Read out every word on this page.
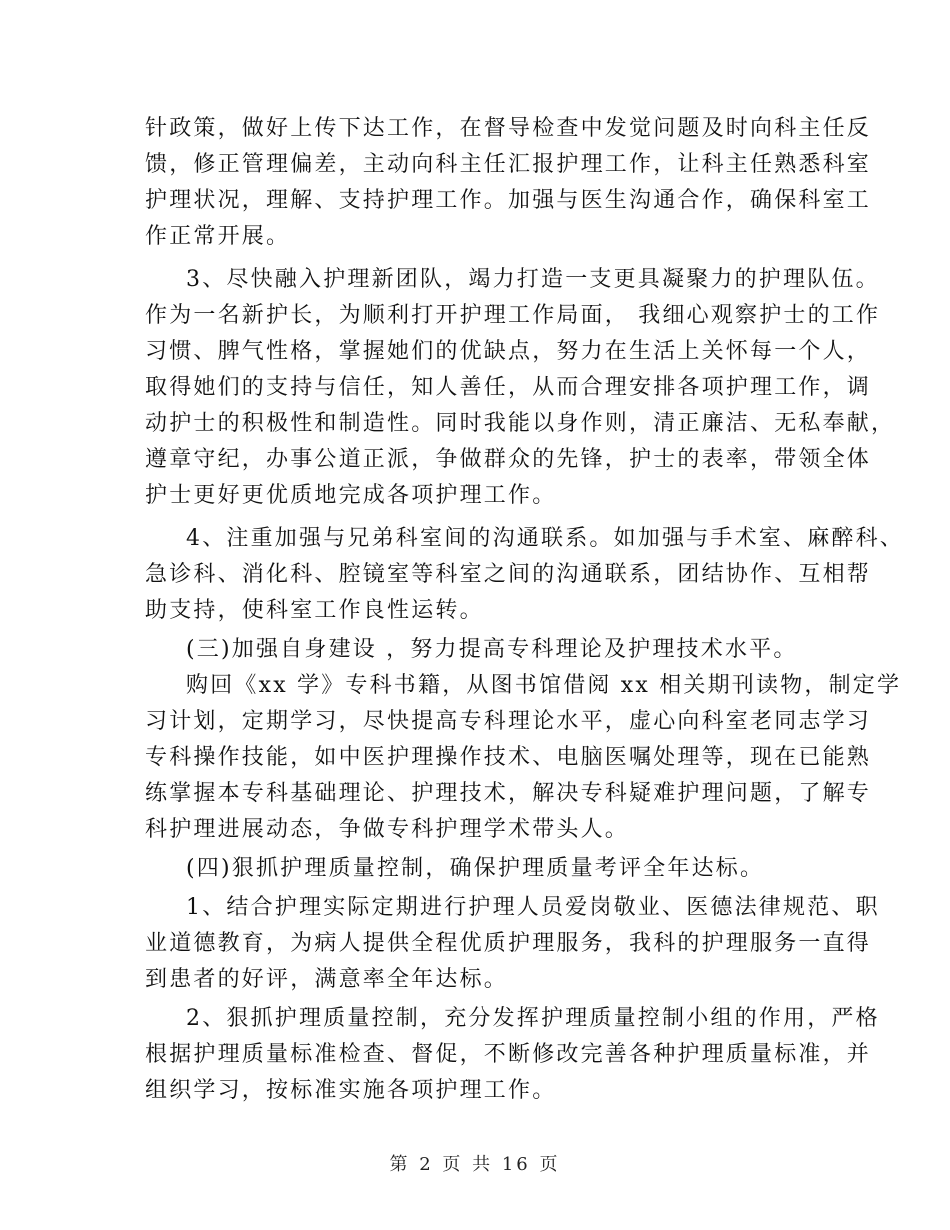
针政策，做好上传下达工作，在督导检查中发觉问题及时向科主任反
馈，修正管理偏差，主动向科主任汇报护理工作，让科主任熟悉科室
护理状况，理解、支持护理工作。加强与医生沟通合作，确保科室工
作正常开展。
3、尽快融入护理新团队，竭力打造一支更具凝聚力的护理队伍。
作为一名新护长，为顺利打开护理工作局面， 我细心观察护士的工作
习惯、脾气性格，掌握她们的优缺点，努力在生活上关怀每一个人，
取得她们的支持与信任，知人善任，从而合理安排各项护理工作，调
动护士的积极性和制造性。同时我能以身作则，清正廉洁、无私奉献，
遵章守纪，办事公道正派，争做群众的先锋，护士的表率，带领全体
护士更好更优质地完成各项护理工作。
4、注重加强与兄弟科室间的沟通联系。如加强与手术室、麻醉科、
急诊科、消化科、腔镜室等科室之间的沟通联系，团结协作、互相帮
助支持，使科室工作良性运转。
(三)加强自身建设 ，努力提高专科理论及护理技术水平。
购回《xx 学》专科书籍，从图书馆借阅 xx 相关期刊读物，制定学
习计划，定期学习，尽快提高专科理论水平，虚心向科室老同志学习
专科操作技能，如中医护理操作技术、电脑医嘱处理等，现在已能熟
练掌握本专科基础理论、护理技术，解决专科疑难护理问题，了解专
科护理进展动态，争做专科护理学术带头人。
(四)狠抓护理质量控制，确保护理质量考评全年达标。
1、结合护理实际定期进行护理人员爱岗敬业、医德法律规范、职
业道德教育，为病人提供全程优质护理服务，我科的护理服务一直得
到患者的好评，满意率全年达标。
2、狠抓护理质量控制，充分发挥护理质量控制小组的作用，严格
根据护理质量标准检查、督促，不断修改完善各种护理质量标准，并
组织学习，按标准实施各项护理工作。
第 2 页 共 16 页
